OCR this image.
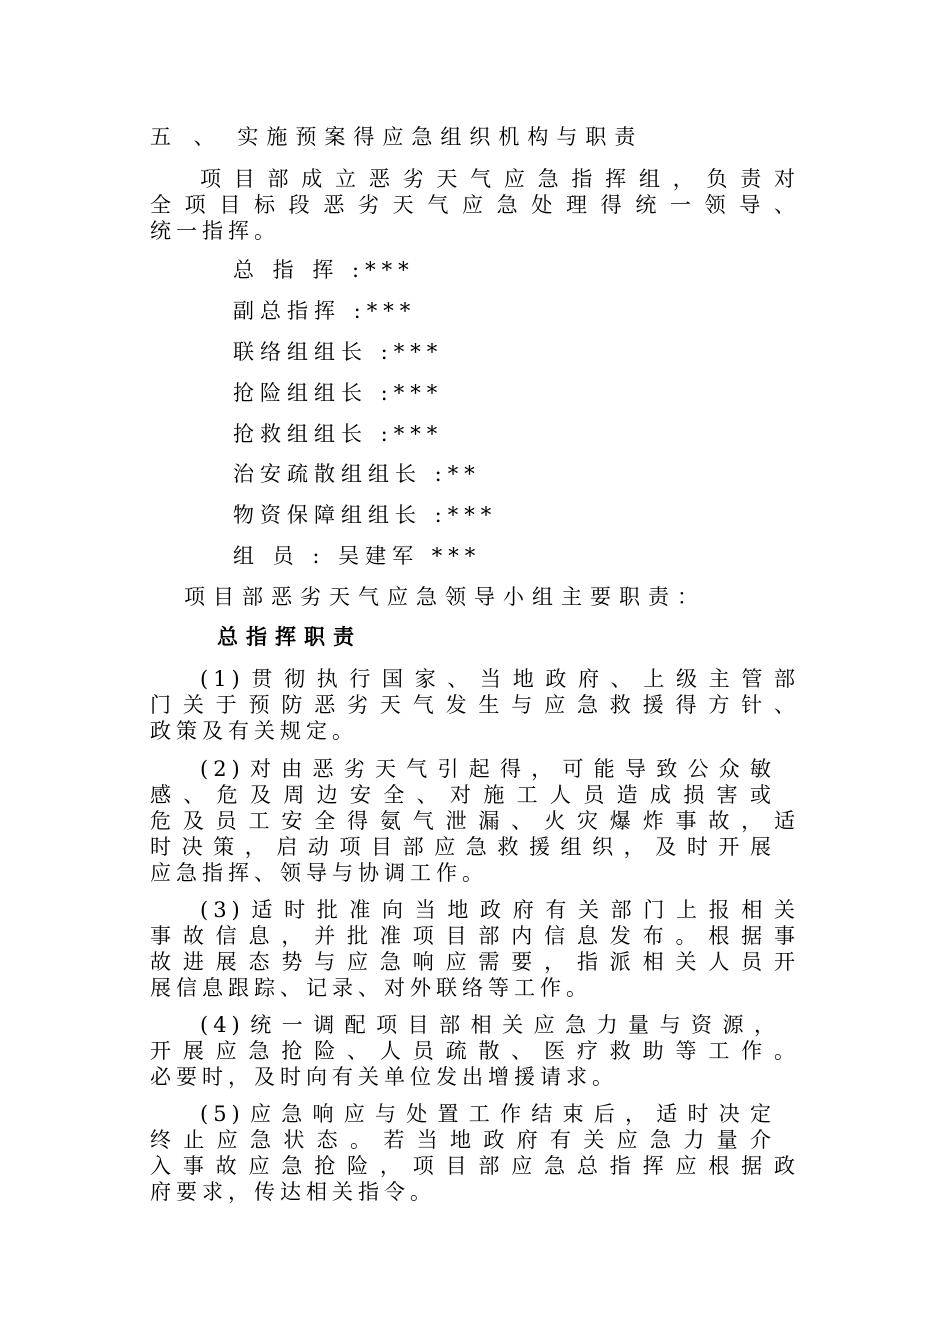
五 、 实施预案得应急组织机构与职责
项目部成立恶劣天气应急指挥组，负责对
全项目标段恶劣天气应急处理得统一领导、
统一指挥。
总 指 挥 :***
副总指挥 :***
联络组组长 :***
抢险组组长 :***
抢救组组长 :***
治安疏散组组长 :**
物资保障组组长 :***
组 员 : 吴建军 ***
项目部恶劣天气应急领导小组主要职责：
总指挥职责
(1)贯彻执行国家、当地政府、上级主管部
门关于预防恶劣天气发生与应急救援得方针、
政策及有关规定。
(2)对由恶劣天气引起得，可能导致公众敏
感、危及周边安全、对施工人员造成损害或
危及员工安全得氨气泄漏、火灾爆炸事故，适
时决策，启动项目部应急救援组织，及时开展
应急指挥、领导与协调工作。
(3)适时批准向当地政府有关部门上报相关
事故信息，并批准项目部内信息发布。根据事
故进展态势与应急响应需要，指派相关人员开
展信息跟踪、记录、对外联络等工作。
(4)统一调配项目部相关应急力量与资源，
开展应急抢险、人员疏散、医疗救助等工作。
必要时，及时向有关单位发出增援请求。
(5)应急响应与处置工作结束后，适时决定
终止应急状态。若当地政府有关应急力量介
入事故应急抢险，项目部应急总指挥应根据政
府要求，传达相关指令。
